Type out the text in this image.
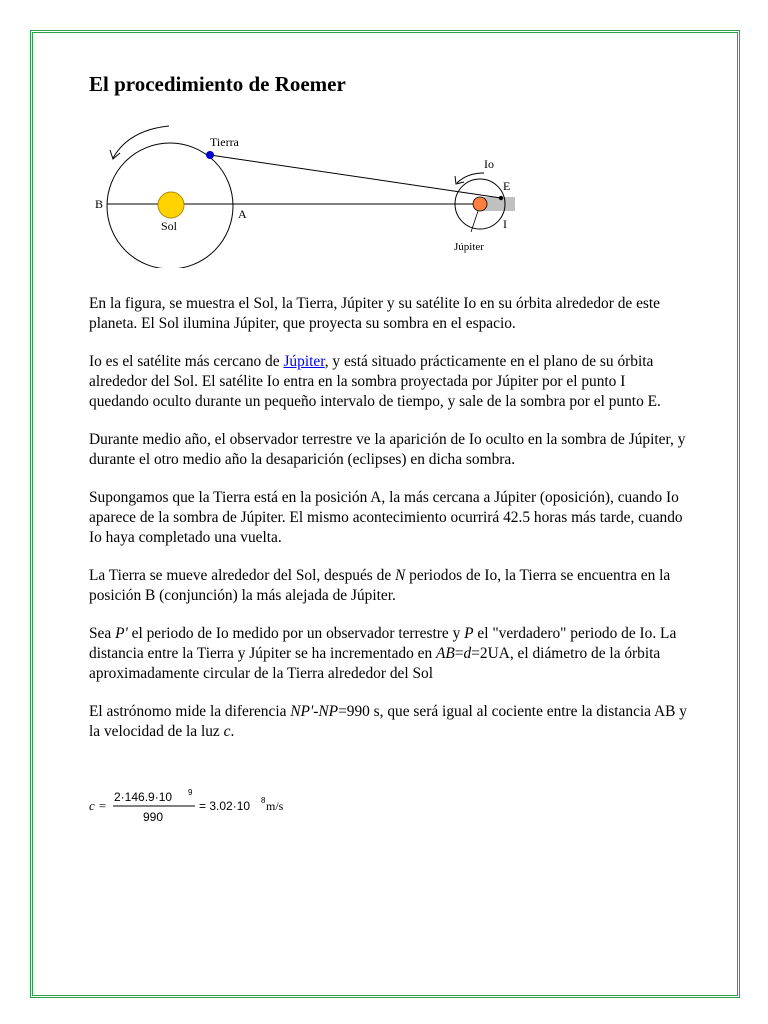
El procedimiento de Roemer
Tierra
Io
E
I
B
A
Sol
Júpiter

En la figura, se muestra el Sol, la Tierra, Júpiter y su satélite Io en su órbita alrededor de este planeta. El Sol ilumina Júpiter, que proyecta su sombra en el espacio.

Io es el satélite más cercano de Júpiter, y está situado prácticamente en el plano de su órbita alrededor del Sol. El satélite Io entra en la sombra proyectada por Júpiter por el punto I quedando oculto durante un pequeño intervalo de tiempo, y sale de la sombra por el punto E.

Durante medio año, el observador terrestre ve la aparición de Io oculto en la sombra de Júpiter, y durante el otro medio año la desaparición (eclipses) en dicha sombra.

Supongamos que la Tierra está en la posición A, la más cercana a Júpiter (oposición), cuando Io aparece de la sombra de Júpiter. El mismo acontecimiento ocurrirá 42.5 horas más tarde, cuando Io haya completado una vuelta.

La Tierra se mueve alrededor del Sol, después de N periodos de Io, la Tierra se encuentra en la posición B (conjunción) la más alejada de Júpiter.

Sea P' el periodo de Io medido por un observador terrestre y P el "verdadero" periodo de Io. La distancia entre la Tierra y Júpiter se ha incrementado en AB=d=2UA, el diámetro de la órbita aproximadamente circular de la Tierra alrededor del Sol

El astrónomo mide la diferencia NP'-NP=990 s, que será igual al cociente entre la distancia AB y la velocidad de la luz c.

c =
2·146.9·10 9
990
= 3.02·10 8 m/s
